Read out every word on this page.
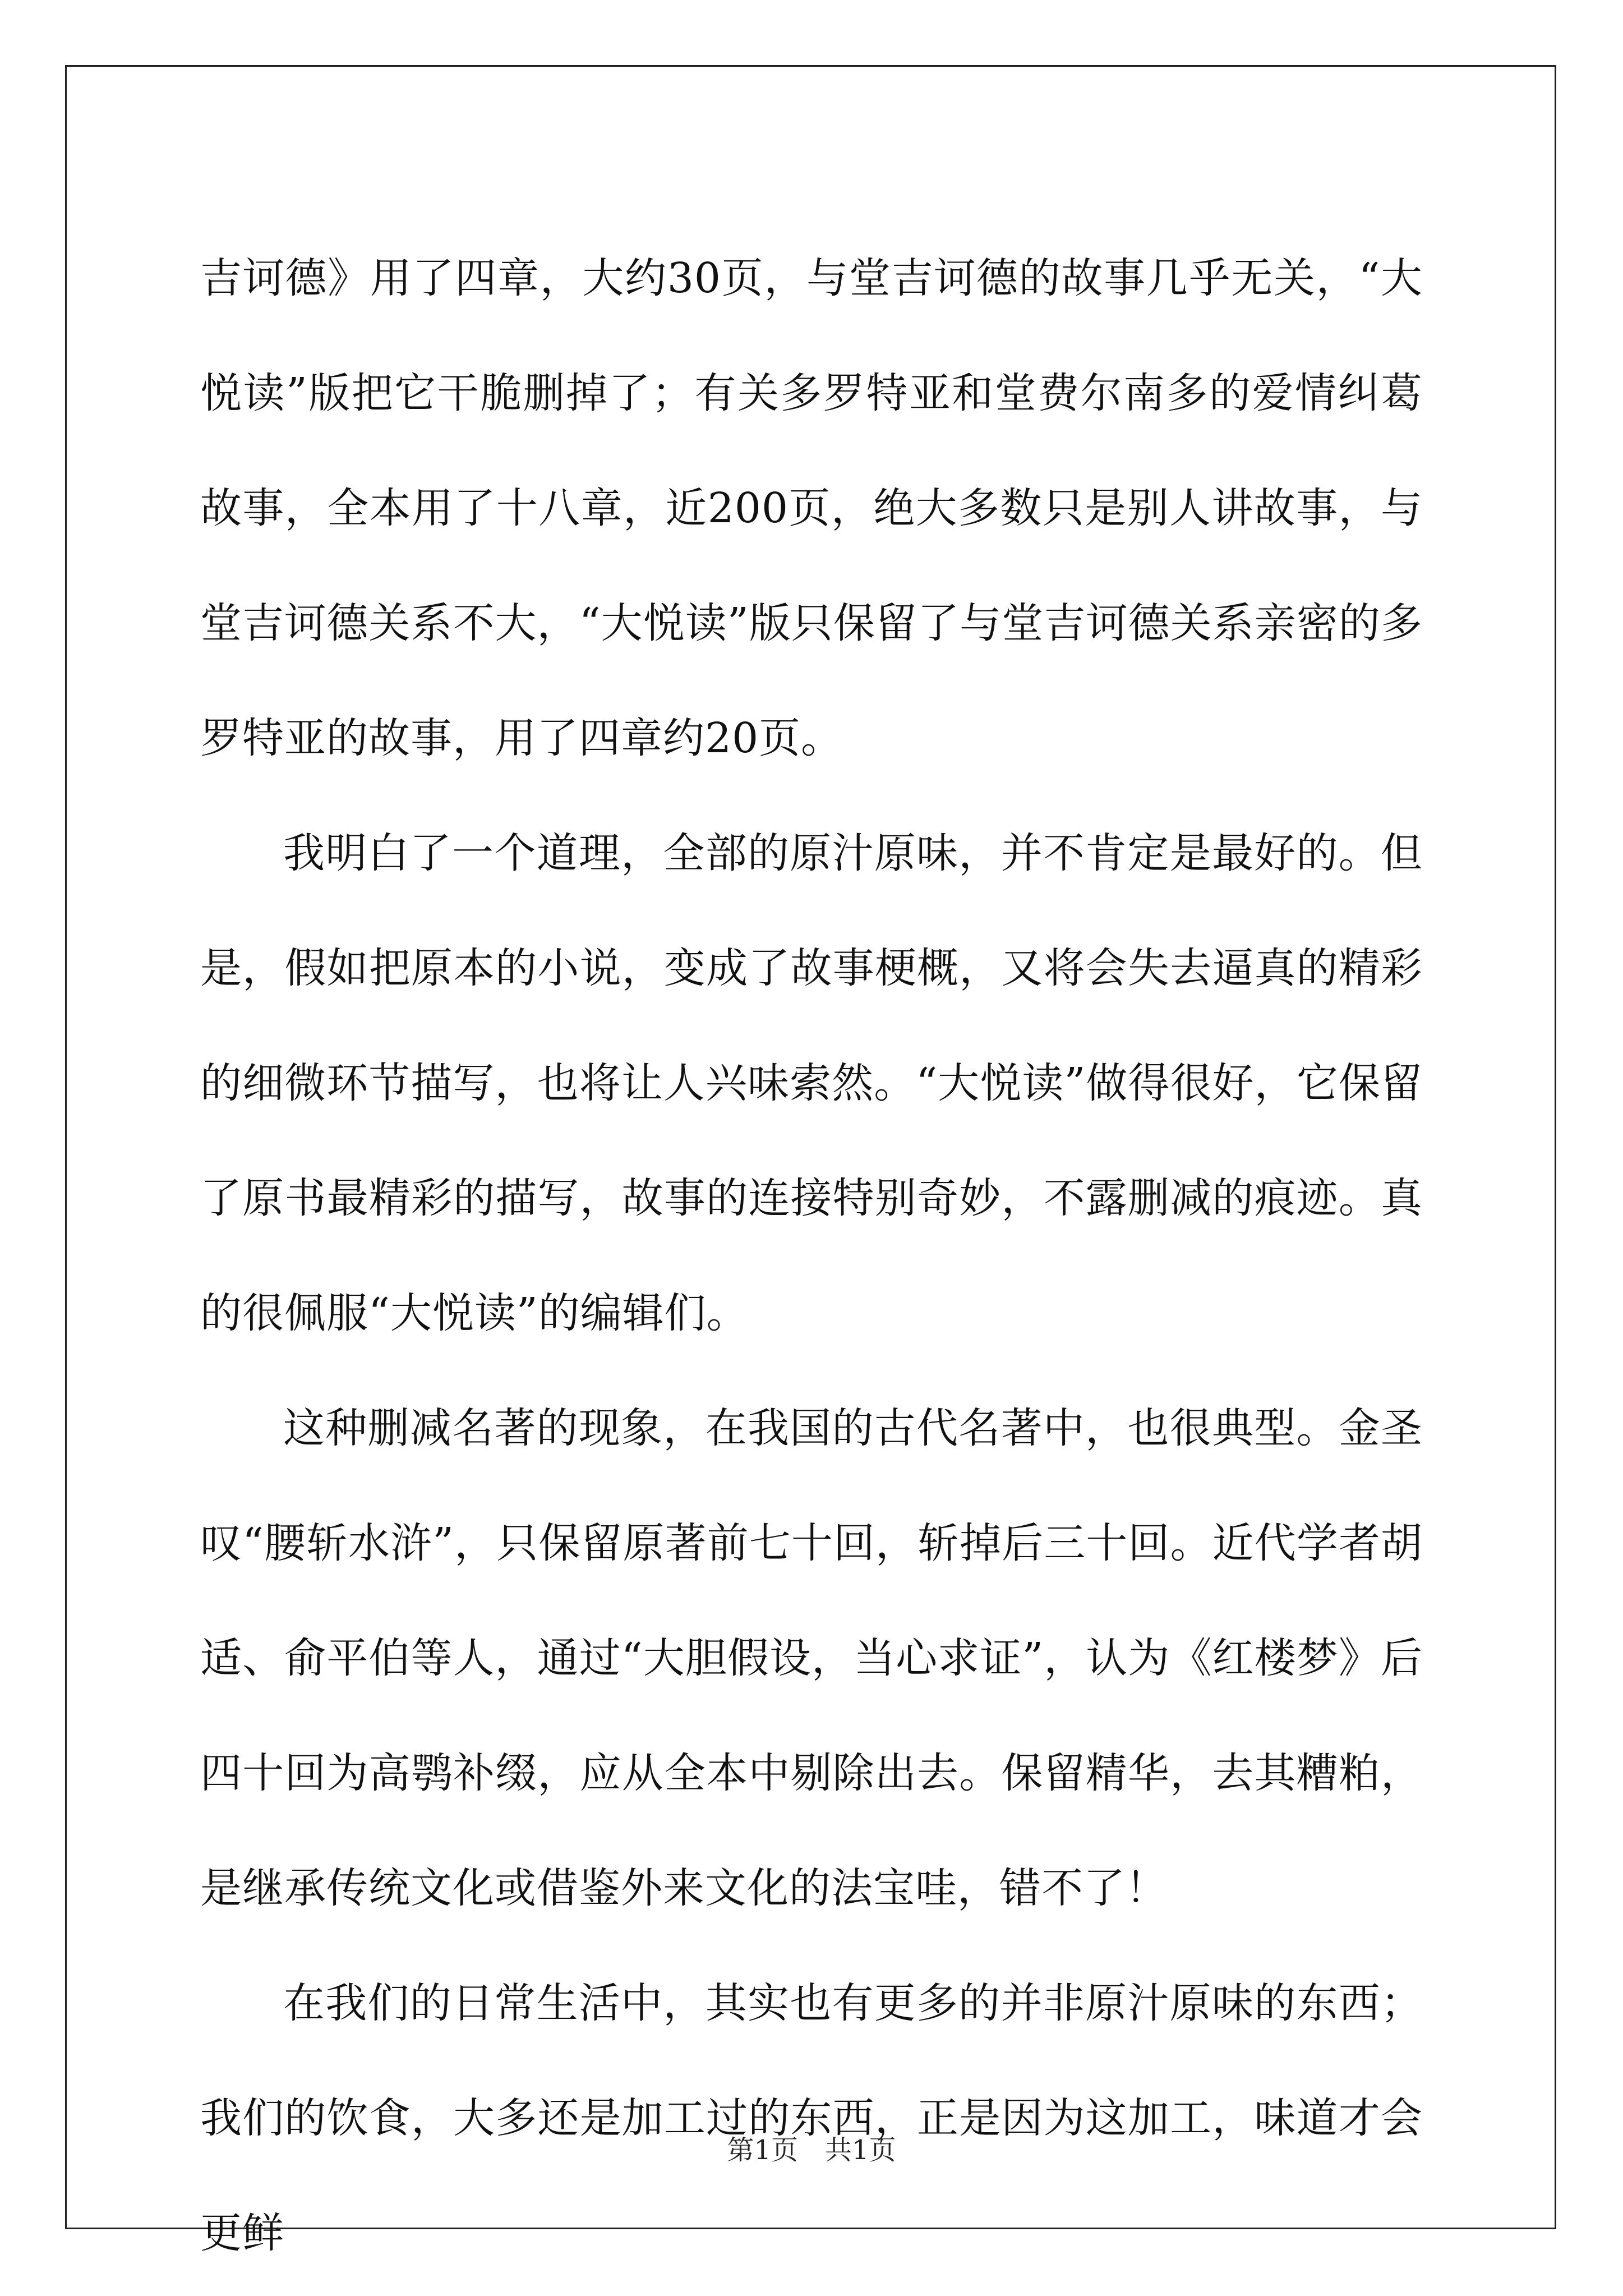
吉诃德》用了四章，大约30页，与堂吉诃德的故事几乎无关，“大悦读”版把它干脆删掉了；有关多罗特亚和堂费尔南多的爱情纠葛故事，全本用了十八章，近200页，绝大多数只是别人讲故事，与堂吉诃德关系不大，“大悦读”版只保留了与堂吉诃德关系亲密的多罗特亚的故事，用了四章约20页。

我明白了一个道理，全部的原汁原味，并不肯定是最好的。但是，假如把原本的小说，变成了故事梗概，又将会失去逼真的精彩的细微环节描写，也将让人兴味索然。“大悦读”做得很好，它保留了原书最精彩的描写，故事的连接特别奇妙，不露删减的痕迹。真的很佩服“大悦读”的编辑们。

这种删减名著的现象，在我国的古代名著中，也很典型。金圣叹“腰斩水浒”，只保留原著前七十回，斩掉后三十回。近代学者胡适、俞平伯等人，通过“大胆假设，当心求证”，认为《红楼梦》后四十回为高鹗补缀，应从全本中剔除出去。保留精华，去其糟粕，是继承传统文化或借鉴外来文化的法宝哇，错不了！

在我们的日常生活中，其实也有更多的并非原汁原味的东西；我们的饮食，大多还是加工过的东西，正是因为这加工，味道才会更鲜

第1页　共1页
